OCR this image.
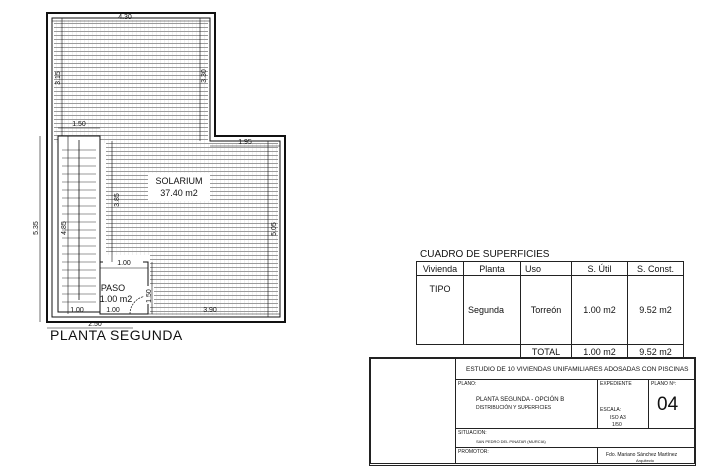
4.30
3.15	3.30
1.50
1.95
3.85
4.85
5.35	5.05
1.00
1.50
1.00	1.00	3.90
2.50
SOLARIUM
37.40 m2
PASO
1.00 m2
PLANTA SEGUNDA
CUADRO DE SUPERFICIES
Vivienda	Planta	Uso	S. Útil	S. Const.
TIPO	Segunda	Torreón	1.00 m2	9.52 m2
		TOTAL	1.00 m2	9.52 m2
ESTUDIO DE 10 VIVIENDAS UNIFAMILIARES ADOSADAS CON PISCINAS
PLANO:
PLANTA SEGUNDA - OPCIÓN B
DISTRIBUCIÓN Y SUPERFICIES
EXPEDIENTE
ESCALA:
ISO A3
1/50
PLANO Nº:
04
SITUACION:
SAN PEDRO DEL PINATAR (MURCIA)
PROMOTOR:	Fdo. Mariano Sánchez Martínez
Arquitecto
